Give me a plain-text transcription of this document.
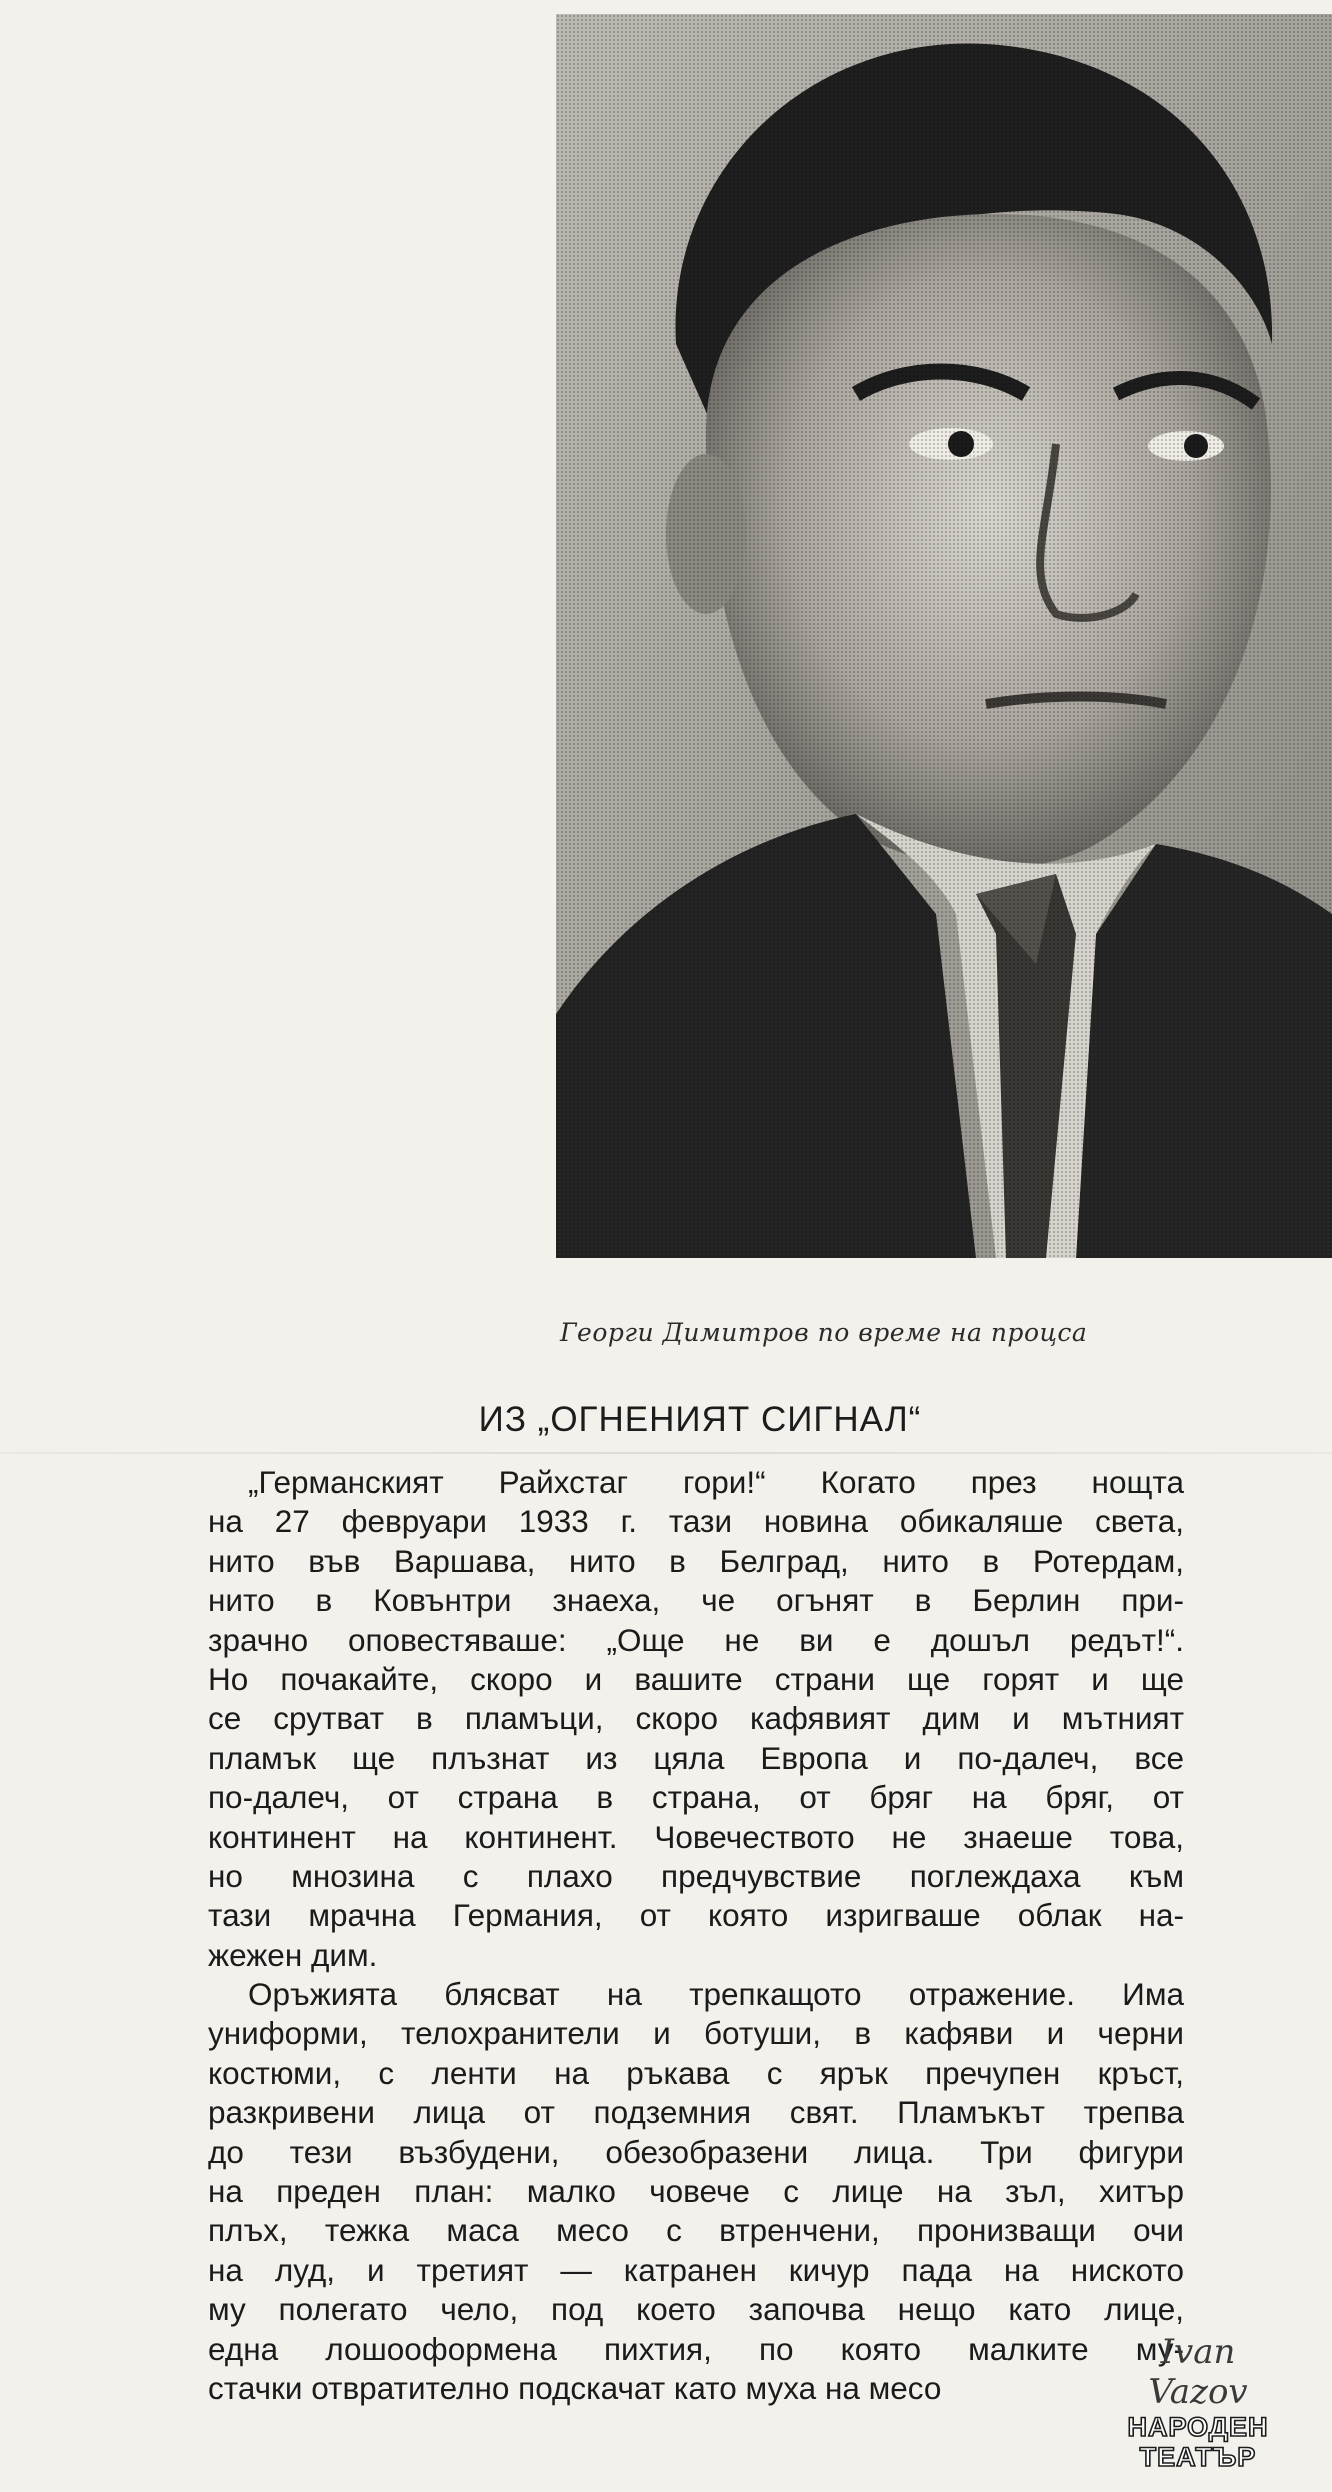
Георги Димитров по време на процса
ИЗ „ОГНЕНИЯТ СИГНАЛ“
„Германският Райхстаг гори!“ Когато през нощта
на 27 февруари 1933 г. тази новина обикаляше света,
нито във Варшава, нито в Белград, нито в Ротердам,
нито в Ковънтри знаеха, че огънят в Берлин при-
зрачно оповестяваше: „Още не ви е дошъл редът!“.
Но почакайте, скоро и вашите страни ще горят и ще
се срутват в пламъци, скоро кафявият дим и мътният
пламък ще плъзнат из цяла Европа и по-далеч, все
по-далеч, от страна в страна, от бряг на бряг, от
континент на континент. Човечеството не знаеше това,
но мнозина с плахо предчувствие поглеждаха към
тази мрачна Германия, от която изригваше облак на-
жежен дим.
Оръжията блясват на трепкащото отражение. Има
униформи, телохранители и ботуши, в кафяви и черни
костюми, с ленти на ръкава с ярък пречупен кръст,
разкривени лица от подземния свят. Пламъкът трепва
до тези възбудени, обезобразени лица. Три фигури
на преден план: малко човече с лице на зъл, хитър
плъх, тежка маса месо с втренчени, пронизващи очи
на луд, и третият — катранен кичур пада на ниското
му полегато чело, под което започва нещо като лице,
една лошооформена пихтия, по която малките му-
стачки отвратително подскачат като муха на месо
Ivan Vazov
НАРОДЕН
ТЕАТЪР
